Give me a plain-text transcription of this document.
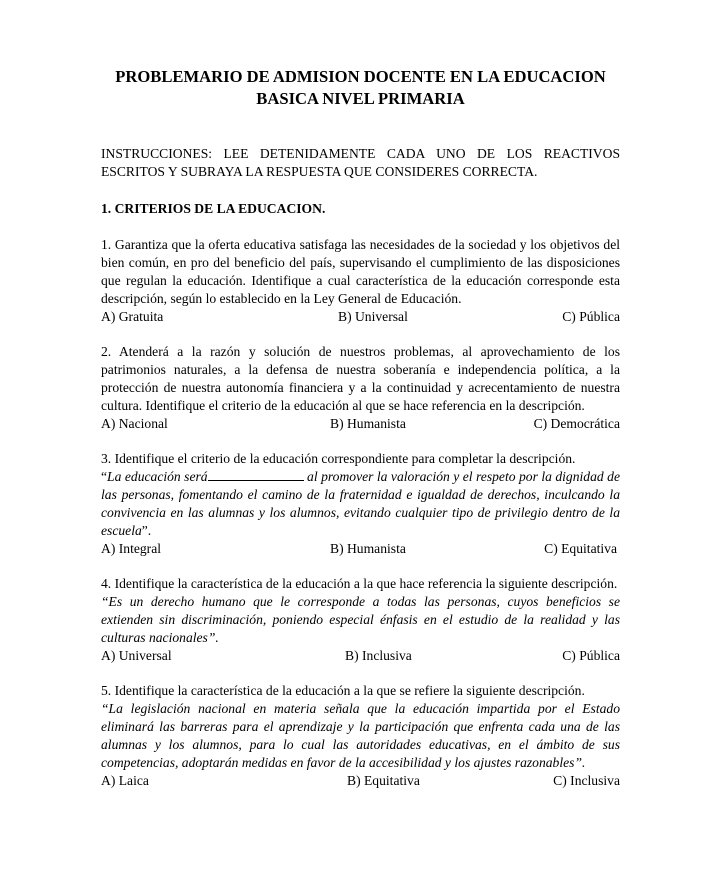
PROBLEMARIO DE ADMISION DOCENTE EN LA EDUCACION
BASICA NIVEL PRIMARIA
INSTRUCCIONES: LEE DETENIDAMENTE CADA UNO DE LOS REACTIVOS ESCRITOS Y SUBRAYA LA RESPUESTA QUE CONSIDERES CORRECTA.
1. CRITERIOS DE LA EDUCACION.
1. Garantiza que la oferta educativa satisfaga las necesidades de la sociedad y los objetivos del bien común, en pro del beneficio del país, supervisando el cumplimiento de las disposiciones que regulan la educación. Identifique a cual característica de la educación corresponde esta descripción, según lo establecido en la Ley General de Educación.
A) Gratuita	B) Universal	C) Pública
2. Atenderá a la razón y solución de nuestros problemas, al aprovechamiento de los patrimonios naturales, a la defensa de nuestra soberanía e independencia política, a la protección de nuestra autonomía financiera y a la continuidad y acrecentamiento de nuestra cultura. Identifique el criterio de la educación al que se hace referencia en la descripción.
A) Nacional	B) Humanista	C) Democrática
3. Identifique el criterio de la educación correspondiente para completar la descripción.
“La educación será	al promover la valoración y el respeto por la dignidad de las personas, fomentando el camino de la fraternidad e igualdad de derechos, inculcando la convivencia en las alumnas y los alumnos, evitando cualquier tipo de privilegio dentro de la escuela”.
A) Integral	B) Humanista	C) Equitativa
4. Identifique la característica de la educación a la que hace referencia la siguiente descripción.
“Es un derecho humano que le corresponde a todas las personas, cuyos beneficios se extienden sin discriminación, poniendo especial énfasis en el estudio de la realidad y las culturas nacionales”.
A) Universal	B) Inclusiva	C) Pública
5. Identifique la característica de la educación a la que se refiere la siguiente descripción.
“La legislación nacional en materia señala que la educación impartida por el Estado eliminará las barreras para el aprendizaje y la participación que enfrenta cada una de las alumnas y los alumnos, para lo cual las autoridades educativas, en el ámbito de sus competencias, adoptarán medidas en favor de la accesibilidad y los ajustes razonables”.
A) Laica	B) Equitativa	C) Inclusiva
